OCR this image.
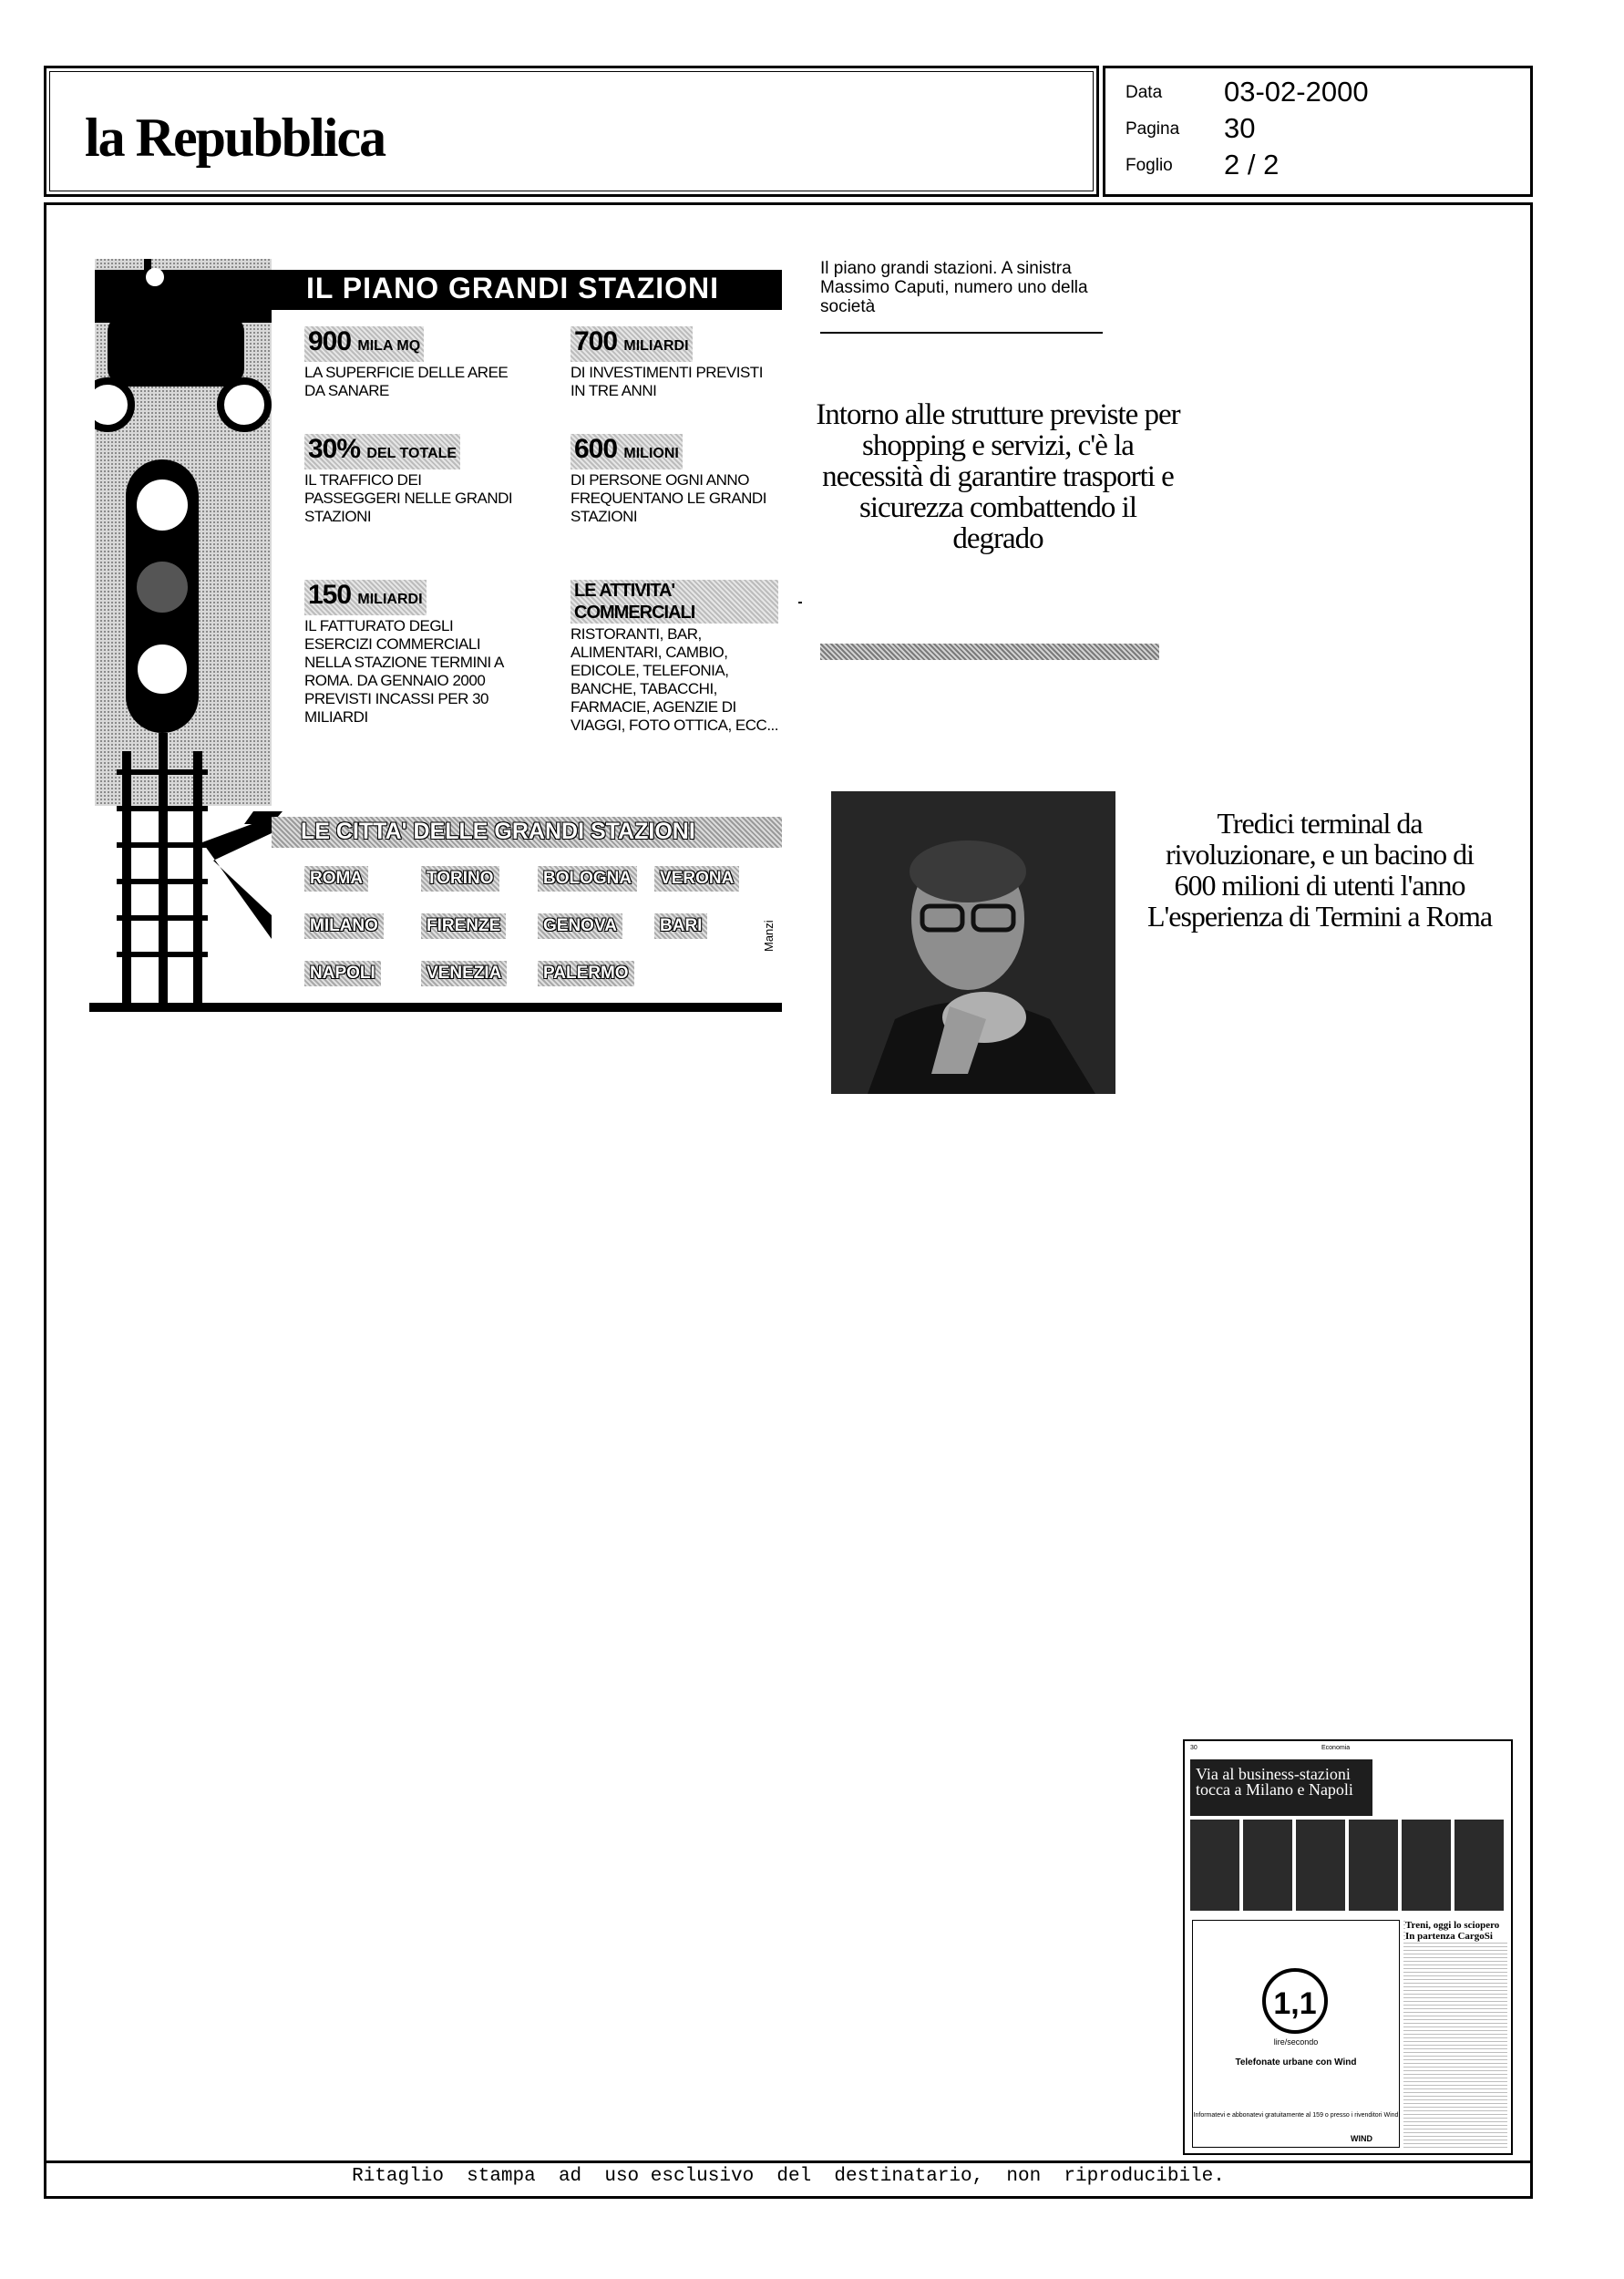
la Repubblica
Data	03-02-2000
Pagina	30
Foglio	2 / 2
IL PIANO GRANDI STAZIONI
900 MILA MQ
LA SUPERFICIE DELLE AREE DA SANARE
700 MILIARDI
DI INVESTIMENTI PREVISTI IN TRE ANNI
30% DEL TOTALE
IL TRAFFICO DEI PASSEGGERI NELLE GRANDI STAZIONI
600 MILIONI
DI PERSONE OGNI ANNO FREQUENTANO LE GRANDI STAZIONI
150 MILIARDI
IL FATTURATO DEGLI ESERCIZI COMMERCIALI NELLA STAZIONE TERMINI A ROMA. DA GENNAIO 2000 PREVISTI INCASSI PER 30 MILIARDI
LE ATTIVITA' COMMERCIALI
RISTORANTI, BAR, ALIMENTARI, CAMBIO, EDICOLE, TELEFONIA, BANCHE, TABACCHI, FARMACIE, AGENZIE DI VIAGGI, FOTO OTTICA, ECC...
LE CITTA' DELLE GRANDI STAZIONI
ROMA	TORINO	BOLOGNA	VERONA
MILANO	FIRENZE	GENOVA	BARI
NAPOLI	VENEZIA	PALERMO
Manzi
Il piano grandi stazioni. A sinistra Massimo Caputi, numero uno della società
Intorno alle strutture previste per shopping e servizi, c'è la necessità di garantire trasporti e sicurezza combattendo il degrado
Tredici terminal da rivoluzionare, e un bacino di 600 milioni di utenti l'anno L'esperienza di Termini a Roma
30	Economia
Via al business-stazioni tocca a Milano e Napoli
1,1
lire/secondo
Telefonate urbane con Wind
Informatevi e abbonatevi gratuitamente al 159 o presso i rivenditori Wind
WIND
Treni, oggi lo sciopero In partenza CargoSi
Ritaglio  stampa  ad  uso esclusivo  del  destinatario,  non  riproducibile.
